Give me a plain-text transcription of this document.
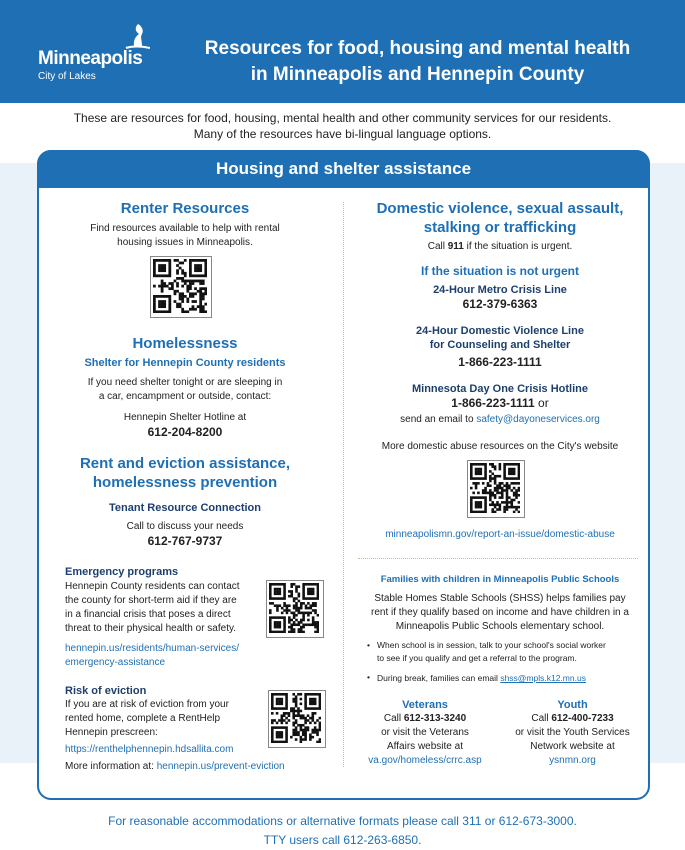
Minneapolis
City of Lakes
Resources for food, housing and mental health
in Minneapolis and Hennepin County
These are resources for food, housing, mental health and other community services for our residents.
Many of the resources have bi-lingual language options.
Housing and shelter assistance
Renter Resources
Find resources available to help with rental
housing issues in Minneapolis.
Homelessness
Shelter for Hennepin County residents
If you need shelter tonight or are sleeping in
a car, encampment or outside, contact:
Hennepin Shelter Hotline at
612-204-8200
Rent and eviction assistance,
homelessness prevention
Tenant Resource Connection
Call to discuss your needs
612-767-9737
Emergency programs
Hennepin County residents can contact
the county for short-term aid if they are
in a financial crisis that poses a direct
threat to their physical health or safety.
hennepin.us/residents/human-services/
emergency-assistance
Risk of eviction
If you are at risk of eviction from your
rented home, complete a RentHelp
Hennepin prescreen:
https://renthelphennepin.hdsallita.com
More information at: hennepin.us/prevent-eviction
Domestic violence, sexual assault,
stalking or trafficking
Call 911 if the situation is urgent.
If the situation is not urgent
24-Hour Metro Crisis Line
612-379-6363
24-Hour Domestic Violence Line
for Counseling and Shelter
1-866-223-1111
Minnesota Day One Crisis Hotline
1-866-223-1111 or
send an email to safety@dayoneservices.org
More domestic abuse resources on the City's website
minneapolismn.gov/report-an-issue/domestic-abuse
Families with children in Minneapolis Public Schools
Stable Homes Stable Schools (SHSS) helps families pay
rent if they qualify based on income and have children in a
Minneapolis Public Schools elementary school.
• When school is in session, talk to your school's social worker
to see if you qualify and get a referral to the program.
• During break, families can email shss@mpls.k12.mn.us
Veterans
Call 612-313-3240
or visit the Veterans
Affairs website at
va.gov/homeless/crrc.asp
Youth
Call 612-400-7233
or visit the Youth Services
Network website at
ysnmn.org
For reasonable accommodations or alternative formats please call 311 or 612-673-3000.
TTY users call 612-263-6850.
